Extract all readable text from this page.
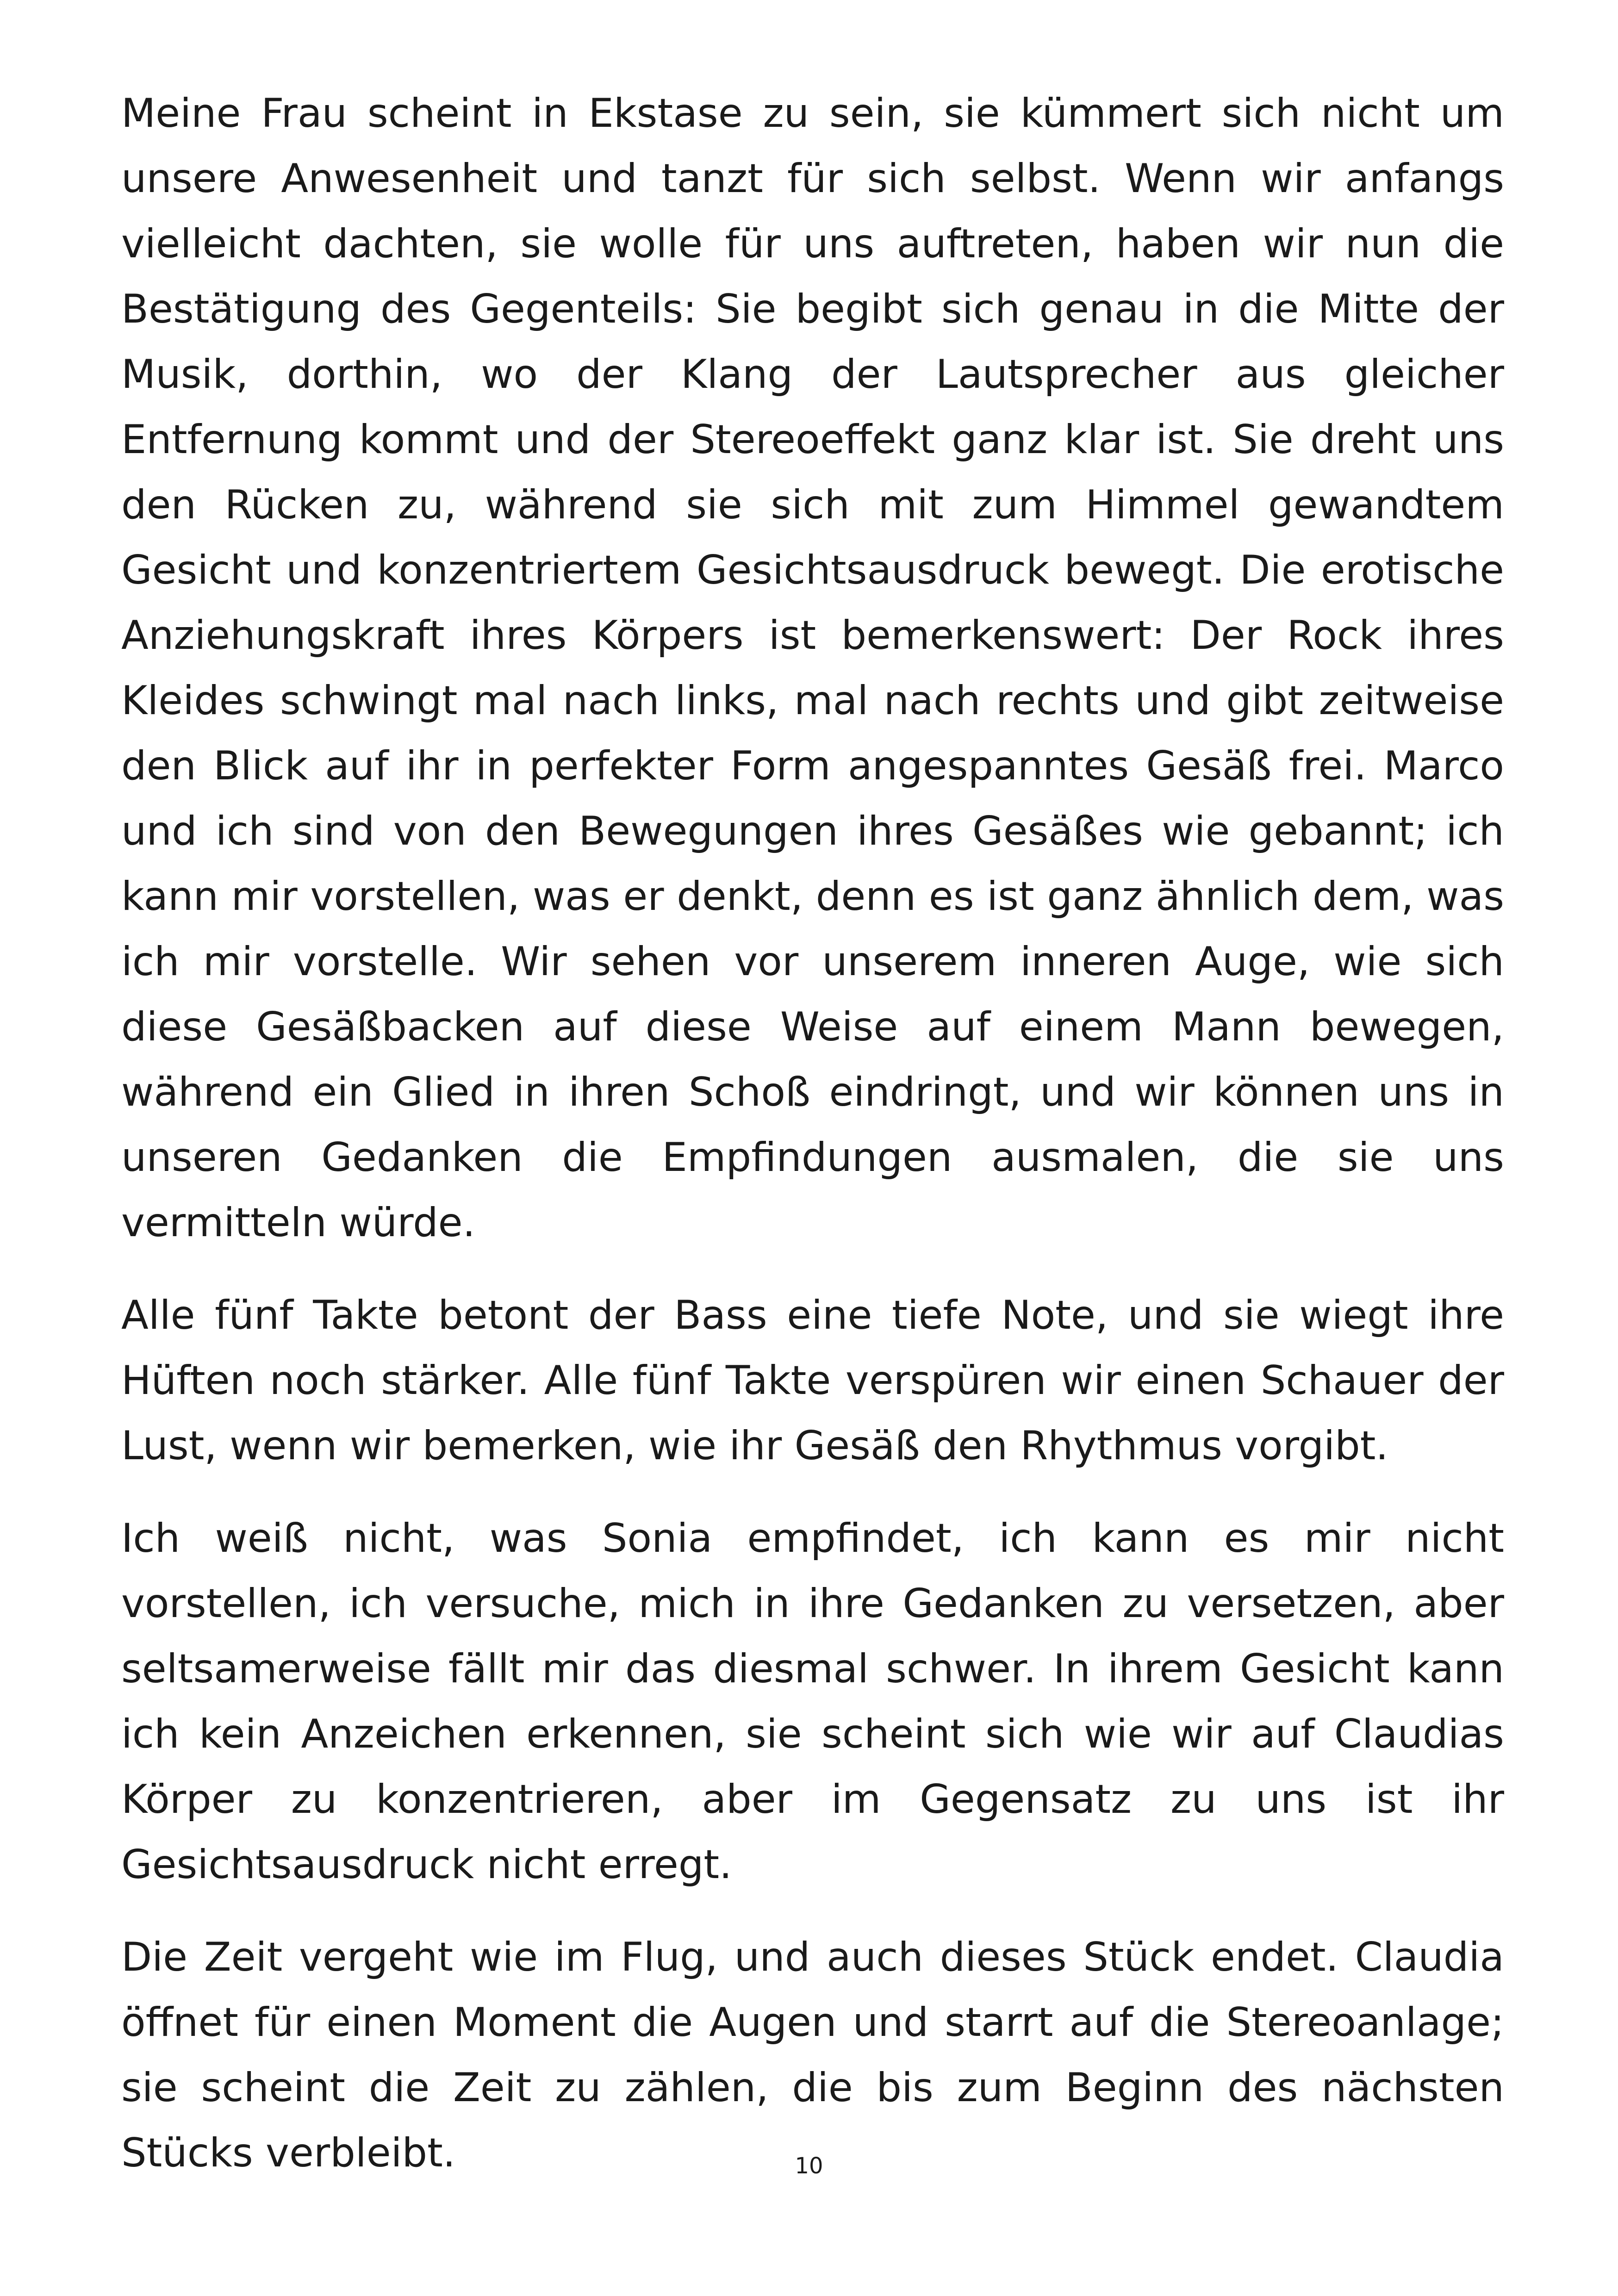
Meine Frau scheint in Ekstase zu sein, sie kümmert sich nicht um unsere Anwesenheit und tanzt für sich selbst. Wenn wir anfangs vielleicht dachten, sie wolle für uns auftreten, haben wir nun die Bestätigung des Gegenteils: Sie begibt sich genau in die Mitte der Musik, dorthin, wo der Klang der Lautsprecher aus gleicher Entfernung kommt und der Stereoeffekt ganz klar ist. Sie dreht uns den Rücken zu, während sie sich mit zum Himmel gewandtem Gesicht und konzentriertem Gesichtsausdruck bewegt. Die erotische Anziehungskraft ihres Körpers ist bemerkenswert: Der Rock ihres Kleides schwingt mal nach links, mal nach rechts und gibt zeitweise den Blick auf ihr in perfekter Form angespanntes Gesäß frei. Marco und ich sind von den Bewegungen ihres Gesäßes wie gebannt; ich kann mir vorstellen, was er denkt, denn es ist ganz ähnlich dem, was ich mir vorstelle. Wir sehen vor unserem inneren Auge, wie sich diese Gesäßbacken auf diese Weise auf einem Mann bewegen, während ein Glied in ihren Schoß eindringt, und wir können uns in unseren Gedanken die Empfindungen ausmalen, die sie uns vermitteln würde.

Alle fünf Takte betont der Bass eine tiefe Note, und sie wiegt ihre Hüften noch stärker. Alle fünf Takte verspüren wir einen Schauer der Lust, wenn wir bemerken, wie ihr Gesäß den Rhythmus vorgibt.

Ich weiß nicht, was Sonia empfindet, ich kann es mir nicht vorstellen, ich versuche, mich in ihre Gedanken zu versetzen, aber seltsamerweise fällt mir das diesmal schwer. In ihrem Gesicht kann ich kein Anzeichen erkennen, sie scheint sich wie wir auf Claudias Körper zu konzentrieren, aber im Gegensatz zu uns ist ihr Gesichtsausdruck nicht erregt.

Die Zeit vergeht wie im Flug, und auch dieses Stück endet. Claudia öffnet für einen Moment die Augen und starrt auf die Stereoanlage; sie scheint die Zeit zu zählen, die bis zum Beginn des nächsten Stücks verbleibt.	10
